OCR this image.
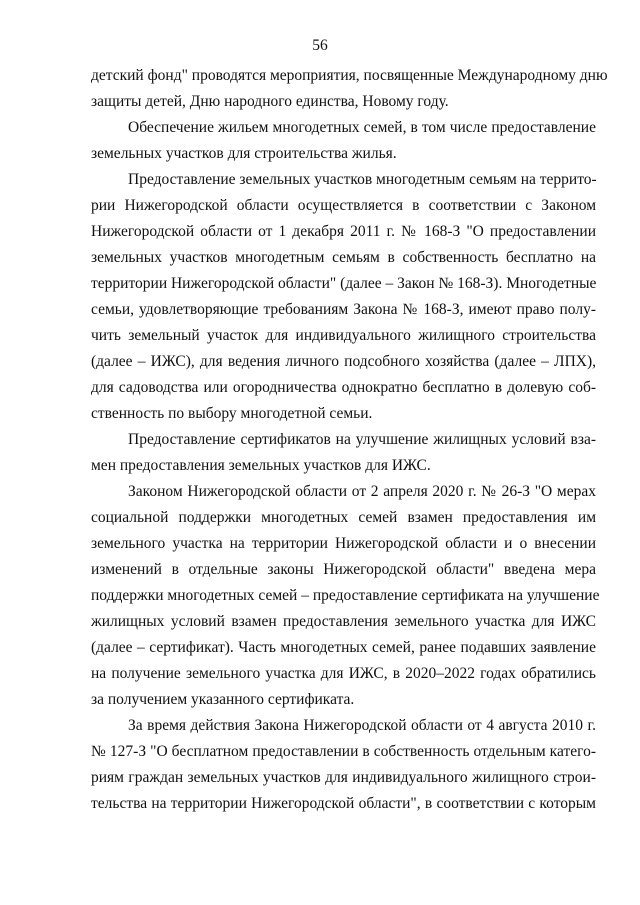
56
детский фонд" проводятся мероприятия, посвященные Международному дню
защиты детей, Дню народного единства, Новому году.
Обеспечение жильем многодетных семей, в том числе предоставление
земельных участков для строительства жилья.
Предоставление земельных участков многодетным семьям на террито-
рии Нижегородской области осуществляется в соответствии с Законом
Нижегородской области от 1 декабря 2011 г. № 168-З "О предоставлении
земельных участков многодетным семьям в собственность бесплатно на
территории Нижегородской области" (далее – Закон № 168-З). Многодетные
семьи, удовлетворяющие требованиям Закона № 168-З, имеют право полу-
чить земельный участок для индивидуального жилищного строительства
(далее – ИЖС), для ведения личного подсобного хозяйства (далее – ЛПХ),
для садоводства или огородничества однократно бесплатно в долевую соб-
ственность по выбору многодетной семьи.
Предоставление сертификатов на улучшение жилищных условий вза-
мен предоставления земельных участков для ИЖС.
Законом Нижегородской области от 2 апреля 2020 г. № 26-З "О мерах
социальной поддержки многодетных семей взамен предоставления им
земельного участка на территории Нижегородской области и о внесении
изменений в отдельные законы Нижегородской области" введена мера
поддержки многодетных семей – предоставление сертификата на улучшение
жилищных условий взамен предоставления земельного участка для ИЖС
(далее – сертификат). Часть многодетных семей, ранее подавших заявление
на получение земельного участка для ИЖС, в 2020–2022 годах обратились
за получением указанного сертификата.
За время действия Закона Нижегородской области от 4 августа 2010 г.
№ 127-З "О бесплатном предоставлении в собственность отдельным катего-
риям граждан земельных участков для индивидуального жилищного строи-
тельства на территории Нижегородской области", в соответствии с которым
